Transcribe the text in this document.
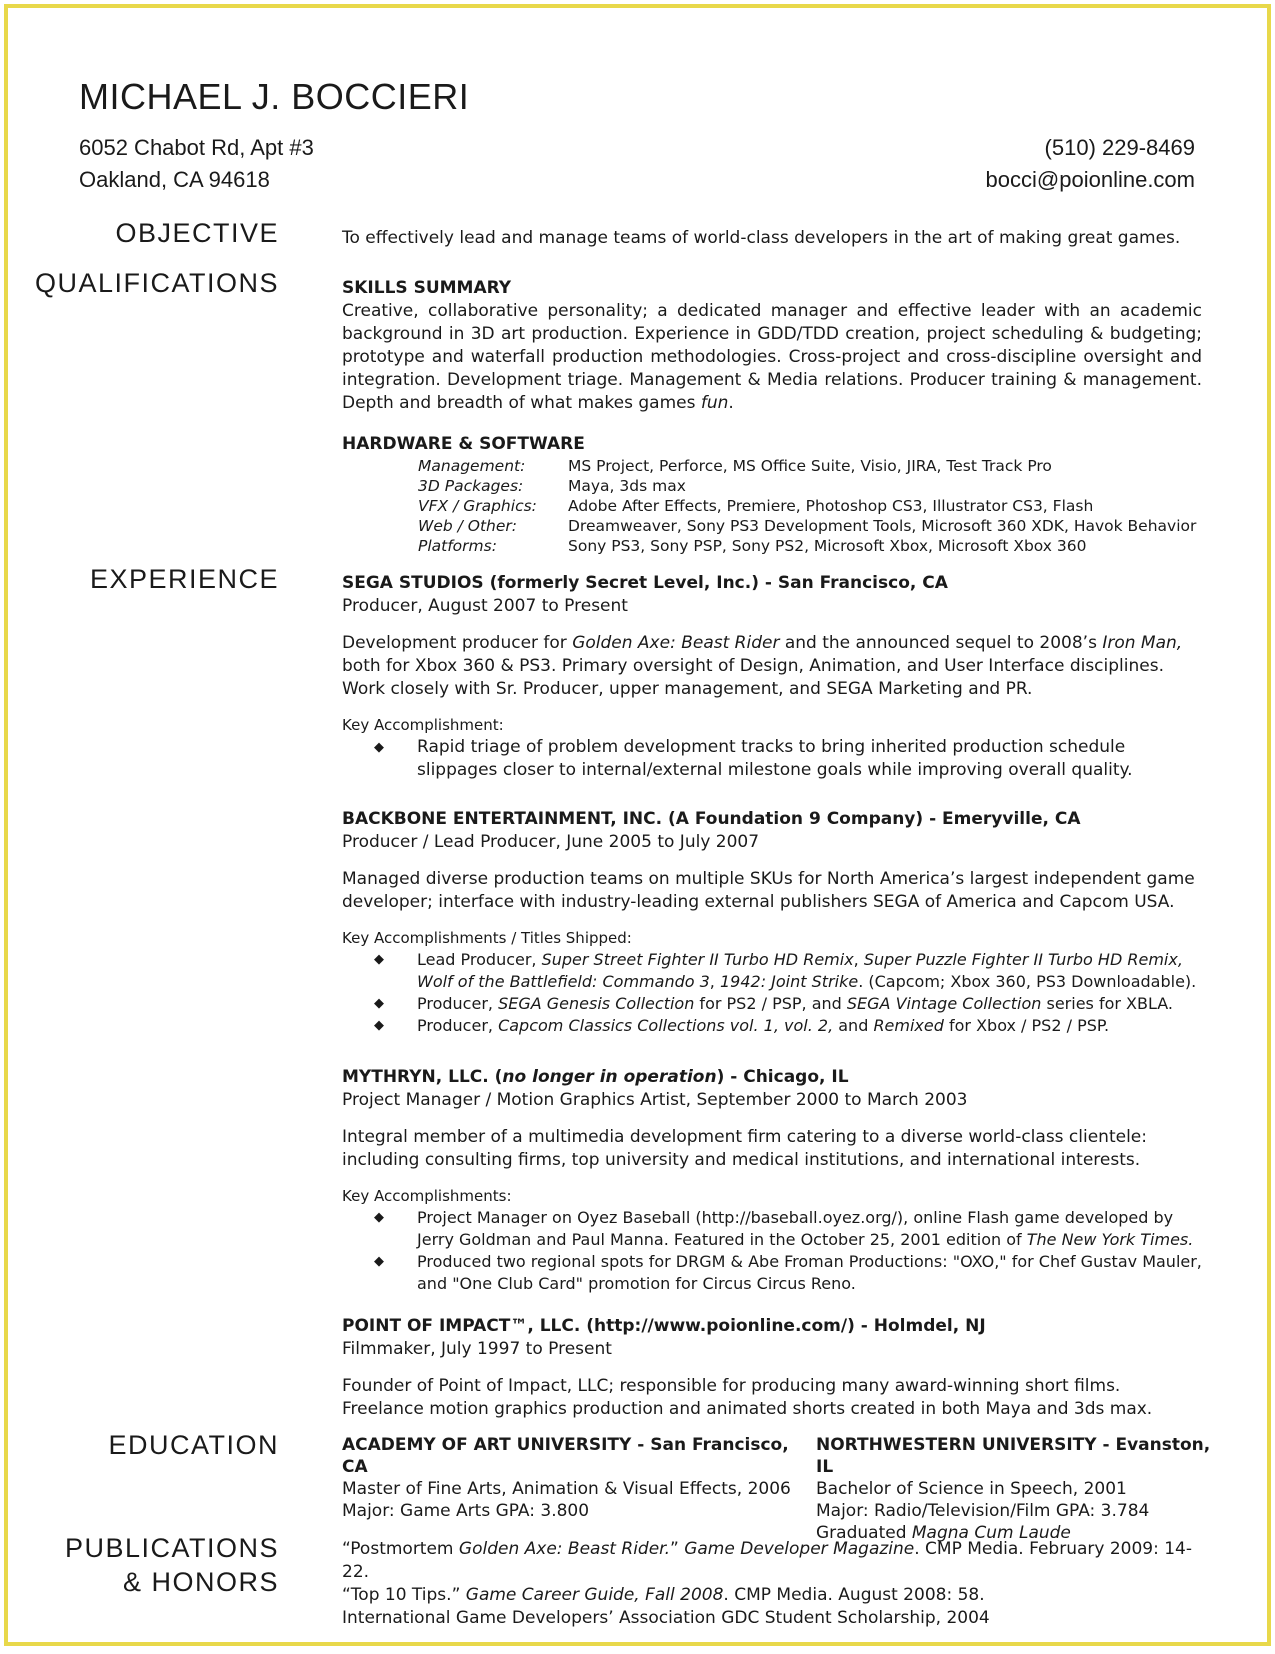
MICHAEL J. BOCCIERI
6052 Chabot Rd, Apt #3
Oakland, CA 94618
(510) 229-8469
bocci@poionline.com
OBJECTIVE
QUALIFICATIONS
EXPERIENCE
EDUCATION
PUBLICATIONS
& HONORS
To effectively lead and manage teams of world-class developers in the art of making great games.
SKILLS SUMMARY
Creative, collaborative personality; a dedicated manager and effective leader with an academic background in 3D art production. Experience in GDD/TDD creation, project scheduling & budgeting; prototype and waterfall production methodologies. Cross-project and cross-discipline oversight and integration. Development triage. Management & Media relations. Producer training & management. Depth and breadth of what makes games fun.
HARDWARE & SOFTWARE
Management:	MS Project, Perforce, MS Office Suite, Visio, JIRA, Test Track Pro
3D Packages:	Maya, 3ds max
VFX / Graphics:	Adobe After Effects, Premiere, Photoshop CS3, Illustrator CS3, Flash
Web / Other:	Dreamweaver, Sony PS3 Development Tools, Microsoft 360 XDK, Havok Behavior
Platforms:	Sony PS3, Sony PSP, Sony PS2, Microsoft Xbox, Microsoft Xbox 360
SEGA STUDIOS (formerly Secret Level, Inc.) - San Francisco, CA
Producer, August 2007 to Present
Development producer for Golden Axe: Beast Rider and the announced sequel to 2008’s Iron Man, both for Xbox 360 & PS3. Primary oversight of Design, Animation, and User Interface disciplines. Work closely with Sr. Producer, upper management, and SEGA Marketing and PR.
Key Accomplishment:
◆ Rapid triage of problem development tracks to bring inherited production schedule slippages closer to internal/external milestone goals while improving overall quality.
BACKBONE ENTERTAINMENT, INC. (A Foundation 9 Company) - Emeryville, CA
Producer / Lead Producer, June 2005 to July 2007
Managed diverse production teams on multiple SKUs for North America’s largest independent game developer; interface with industry-leading external publishers SEGA of America and Capcom USA.
Key Accomplishments / Titles Shipped:
◆ Lead Producer, Super Street Fighter II Turbo HD Remix, Super Puzzle Fighter II Turbo HD Remix, Wolf of the Battlefield: Commando 3, 1942: Joint Strike. (Capcom; Xbox 360, PS3 Downloadable).
◆ Producer, SEGA Genesis Collection for PS2 / PSP, and SEGA Vintage Collection series for XBLA.
◆ Producer, Capcom Classics Collections vol. 1, vol. 2, and Remixed for Xbox / PS2 / PSP.
MYTHRYN, LLC. (no longer in operation) - Chicago, IL
Project Manager / Motion Graphics Artist, September 2000 to March 2003
Integral member of a multimedia development firm catering to a diverse world-class clientele: including consulting firms, top university and medical institutions, and international interests.
Key Accomplishments:
◆ Project Manager on Oyez Baseball (http://baseball.oyez.org/), online Flash game developed by Jerry Goldman and Paul Manna. Featured in the October 25, 2001 edition of The New York Times.
◆ Produced two regional spots for DRGM & Abe Froman Productions: "OXO," for Chef Gustav Mauler, and "One Club Card" promotion for Circus Circus Reno.
POINT OF IMPACT™, LLC. (http://www.poionline.com/) - Holmdel, NJ
Filmmaker, July 1997 to Present
Founder of Point of Impact, LLC; responsible for producing many award-winning short films. Freelance motion graphics production and animated shorts created in both Maya and 3ds max.
ACADEMY OF ART UNIVERSITY - San Francisco, CA
Master of Fine Arts, Animation & Visual Effects, 2006
Major: Game Arts GPA: 3.800
NORTHWESTERN UNIVERSITY - Evanston, IL
Bachelor of Science in Speech, 2001
Major: Radio/Television/Film GPA: 3.784
Graduated Magna Cum Laude
“Postmortem Golden Axe: Beast Rider.” Game Developer Magazine. CMP Media. February 2009: 14-22.
“Top 10 Tips.” Game Career Guide, Fall 2008. CMP Media. August 2008: 58.
International Game Developers’ Association GDC Student Scholarship, 2004
